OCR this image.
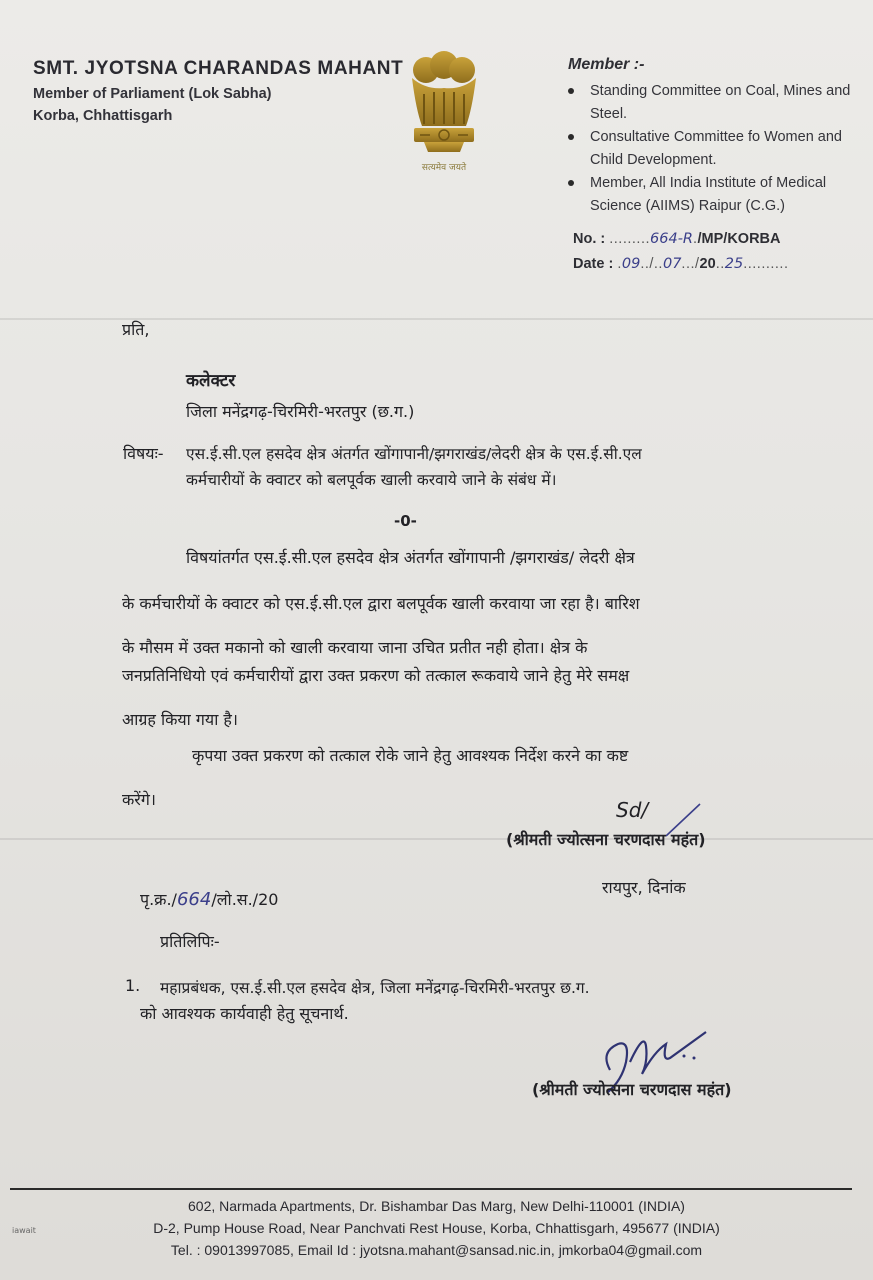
SMT. JYOTSNA CHARANDAS MAHANT
Member of Parliament (Lok Sabha)
Korba, Chhattisgarh
सत्यमेव जयते
Member :-
Standing Committee on Coal, Mines and Steel.
Consultative Committee fo Women and Child Development.
Member, All India Institute of Medical Science (AIIMS) Raipur (C.G.)
No. : .........664-R./MP/KORBA
Date : .09../..07.../20..25..........
प्रति,
कलेक्टर
जिला मनेंद्रगढ़-चिरमिरी-भरतपुर (छ.ग.)
विषयः- एस.ई.सी.एल हसदेव क्षेत्र अंतर्गत खोंगापानी/झगराखंड/लेदरी क्षेत्र के एस.ई.सी.एल
कर्मचारीयों के क्वाटर को बलपूर्वक खाली करवाये जाने के संबंध में।
-0-
विषयांतर्गत एस.ई.सी.एल हसदेव क्षेत्र अंतर्गत खोंगापानी /झगराखंड/ लेदरी क्षेत्र
के कर्मचारीयों के क्वाटर को एस.ई.सी.एल द्वारा बलपूर्वक खाली करवाया जा रहा है। बारिश
के मौसम में उक्त मकानो को खाली करवाया जाना उचित प्रतीत नही होता। क्षेत्र के
जनप्रतिनिधियो एवं कर्मचारीयों द्वारा उक्त प्रकरण को तत्काल रूकवाये जाने हेतु मेरे समक्ष
आग्रह किया गया है।
कृपया उक्त प्रकरण को तत्काल रोके जाने हेतु आवश्यक निर्देश करने का कष्ट
करेंगे।	Sd/
(श्रीमती ज्योत्सना चरणदास महंत)
पृ.क्र./664/लो.स./20
रायपुर, दिनांक
प्रतिलिपिः-
1. महाप्रबंधक, एस.ई.सी.एल हसदेव क्षेत्र, जिला मनेंद्रगढ़-चिरमिरी-भरतपुर छ.ग.
को आवश्यक कार्यवाही हेतु सूचनार्थ.
(श्रीमती ज्योत्सना चरणदास महंत)
602, Narmada Apartments, Dr. Bishambar Das Marg, New Delhi-110001 (INDIA)
D-2, Pump House Road, Near Panchvati Rest House, Korba, Chhattisgarh, 495677 (INDIA)
Tel. : 09013997085, Email Id : jyotsna.mahant@sansad.nic.in, jmkorba04@gmail.com
iawait
